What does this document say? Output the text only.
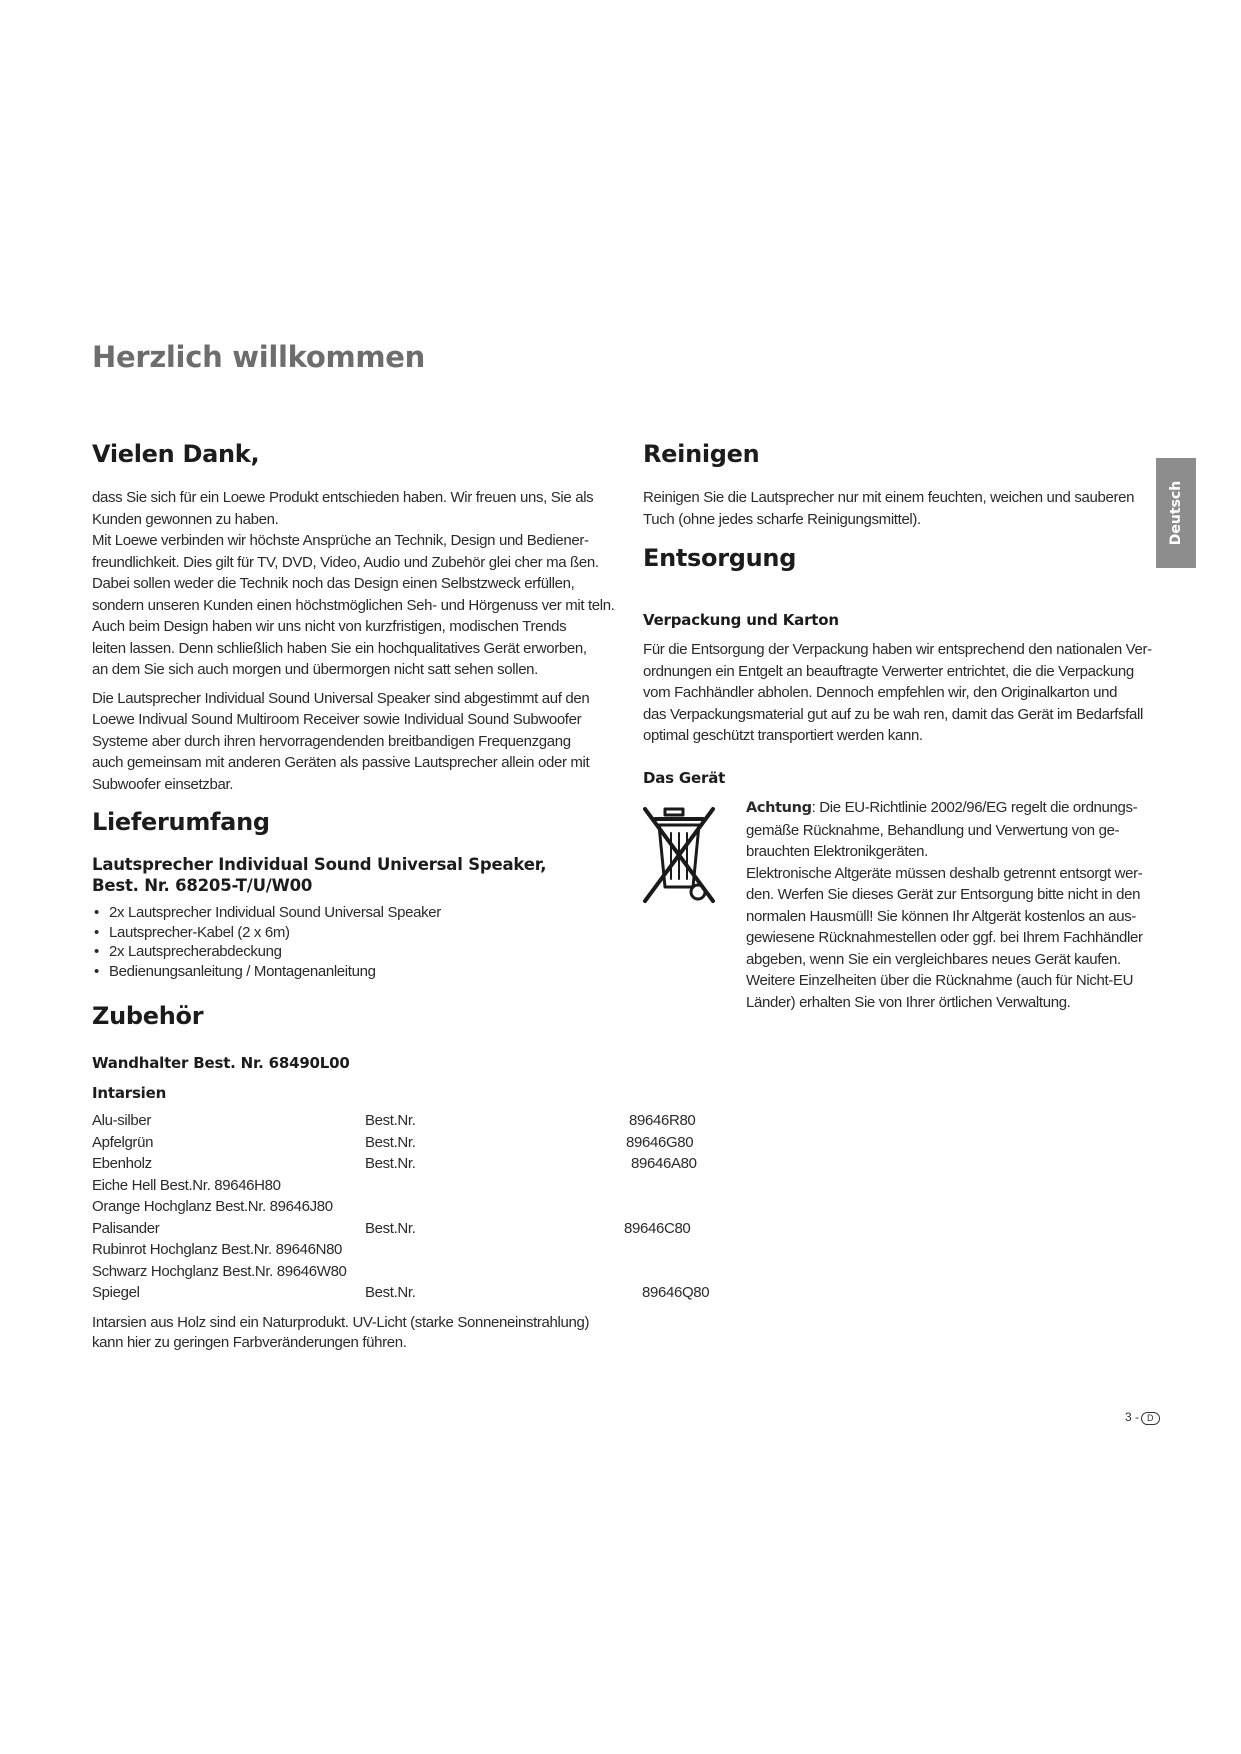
Herzlich willkommen
Deutsch
Vielen Dank,
dass Sie sich für ein Loewe Produkt entschieden haben. Wir freuen uns, Sie als
Kunden gewonnen zu haben.
Mit Loewe verbinden wir höchste Ansprüche an Technik, Design und Bediener-
freundlichkeit. Dies gilt für TV, DVD, Video, Audio und Zubehör glei cher ma ßen.
Dabei sollen weder die Technik noch das Design einen Selbstzweck erfüllen,
sondern unseren Kunden einen höchstmöglichen Seh- und Hörgenuss ver mit teln.
Auch beim Design haben wir uns nicht von kurzfristigen, modischen Trends
leiten lassen. Denn schließlich haben Sie ein hochqualitatives Gerät erworben,
an dem Sie sich auch morgen und übermorgen nicht satt sehen sollen.
Die Lautsprecher Individual Sound Universal Speaker sind abgestimmt auf den
Loewe Indivual Sound Multiroom Receiver sowie Individual Sound Subwoofer
Systeme aber durch ihren hervorragendenden breitbandigen Frequenzgang
auch gemeinsam mit anderen Geräten als passive Lautsprecher allein oder mit
Subwoofer einsetzbar.
Lieferumfang
Lautsprecher Individual Sound Universal Speaker,
Best. Nr. 68205-T/U/W00
• 2x Lautsprecher Individual Sound Universal Speaker
• Lautsprecher-Kabel (2 x 6m)
• 2x Lautsprecherabdeckung
• Bedienungsanleitung / Montagenanleitung
Zubehör
Wandhalter Best. Nr. 68490L00
Intarsien
Alu-silber	Best.Nr.	89646R80
Apfelgrün	Best.Nr.	89646G80
Ebenholz	Best.Nr.	89646A80
Eiche Hell Best.Nr. 89646H80
Orange Hochglanz Best.Nr. 89646J80
Palisander	Best.Nr.	89646C80
Rubinrot Hochglanz Best.Nr. 89646N80
Schwarz Hochglanz Best.Nr. 89646W80
Spiegel	Best.Nr.	89646Q80
Intarsien aus Holz sind ein Naturprodukt. UV-Licht (starke Sonneneinstrahlung)
kann hier zu geringen Farbveränderungen führen.
Reinigen
Reinigen Sie die Lautsprecher nur mit einem feuchten, weichen und sauberen
Tuch (ohne jedes scharfe Reinigungsmittel).
Entsorgung
Verpackung und Karton
Für die Entsorgung der Verpackung haben wir entsprechend den nationalen Ver-
ordnungen ein Entgelt an beauftragte Verwerter entrichtet, die die Verpackung
vom Fachhändler abholen. Dennoch empfehlen wir, den Originalkarton und
das Verpackungsmaterial gut auf zu be wah ren, damit das Gerät im Bedarfsfall
optimal geschützt transportiert werden kann.
Das Gerät
Achtung: Die EU-Richtlinie 2002/96/EG regelt die ordnungs-
gemäße Rücknahme, Behandlung und Verwertung von ge-
brauchten Elektronikgeräten.
Elektronische Altgeräte müssen deshalb getrennt entsorgt wer-
den. Werfen Sie dieses Gerät zur Entsorgung bitte nicht in den
normalen Hausmüll! Sie können Ihr Altgerät kostenlos an aus-
gewiesene Rücknahmestellen oder ggf. bei Ihrem Fachhändler
abgeben, wenn Sie ein vergleichbares neues Gerät kaufen.
Weitere Einzelheiten über die Rücknahme (auch für Nicht-EU
Länder) erhalten Sie von Ihrer örtlichen Verwaltung.
3 - D
